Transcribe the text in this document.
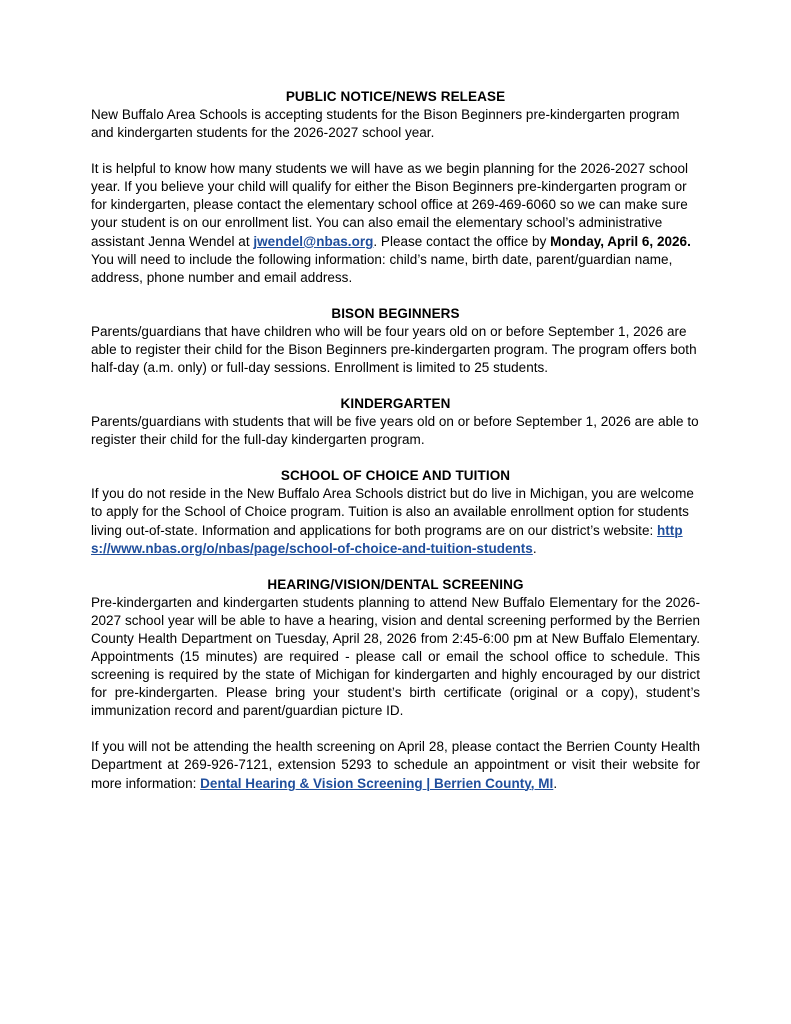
PUBLIC NOTICE/NEWS RELEASE

New Buffalo Area Schools is accepting students for the Bison Beginners pre-kindergarten program and kindergarten students for the 2026-2027 school year.

It is helpful to know how many students we will have as we begin planning for the 2026-2027 school year. If you believe your child will qualify for either the Bison Beginners pre-kindergarten program or for kindergarten, please contact the elementary school office at 269-469-6060 so we can make sure your student is on our enrollment list. You can also email the elementary school’s administrative assistant Jenna Wendel at jwendel@nbas.org. Please contact the office by Monday, April 6, 2026. You will need to include the following information: child’s name, birth date, parent/guardian name, address, phone number and email address.

BISON BEGINNERS

Parents/guardians that have children who will be four years old on or before September 1, 2026 are able to register their child for the Bison Beginners pre-kindergarten program. The program offers both half-day (a.m. only) or full-day sessions. Enrollment is limited to 25 students.

KINDERGARTEN

Parents/guardians with students that will be five years old on or before September 1, 2026 are able to register their child for the full-day kindergarten program.

SCHOOL OF CHOICE AND TUITION

If you do not reside in the New Buffalo Area Schools district but do live in Michigan, you are welcome to apply for the School of Choice program. Tuition is also an available enrollment option for students living out-of-state. Information and applications for both programs are on our district’s website: https://www.nbas.org/o/nbas/page/school-of-choice-and-tuition-students.

HEARING/VISION/DENTAL SCREENING

Pre-kindergarten and kindergarten students planning to attend New Buffalo Elementary for the 2026-2027 school year will be able to have a hearing, vision and dental screening performed by the Berrien County Health Department on Tuesday, April 28, 2026 from 2:45-6:00 pm at New Buffalo Elementary. Appointments (15 minutes) are required - please call or email the school office to schedule. This screening is required by the state of Michigan for kindergarten and highly encouraged by our district for pre-kindergarten. Please bring your student’s birth certificate (original or a copy), student’s immunization record and parent/guardian picture ID.

If you will not be attending the health screening on April 28, please contact the Berrien County Health Department at 269-926-7121, extension 5293 to schedule an appointment or visit their website for more information: Dental Hearing & Vision Screening | Berrien County, MI.
